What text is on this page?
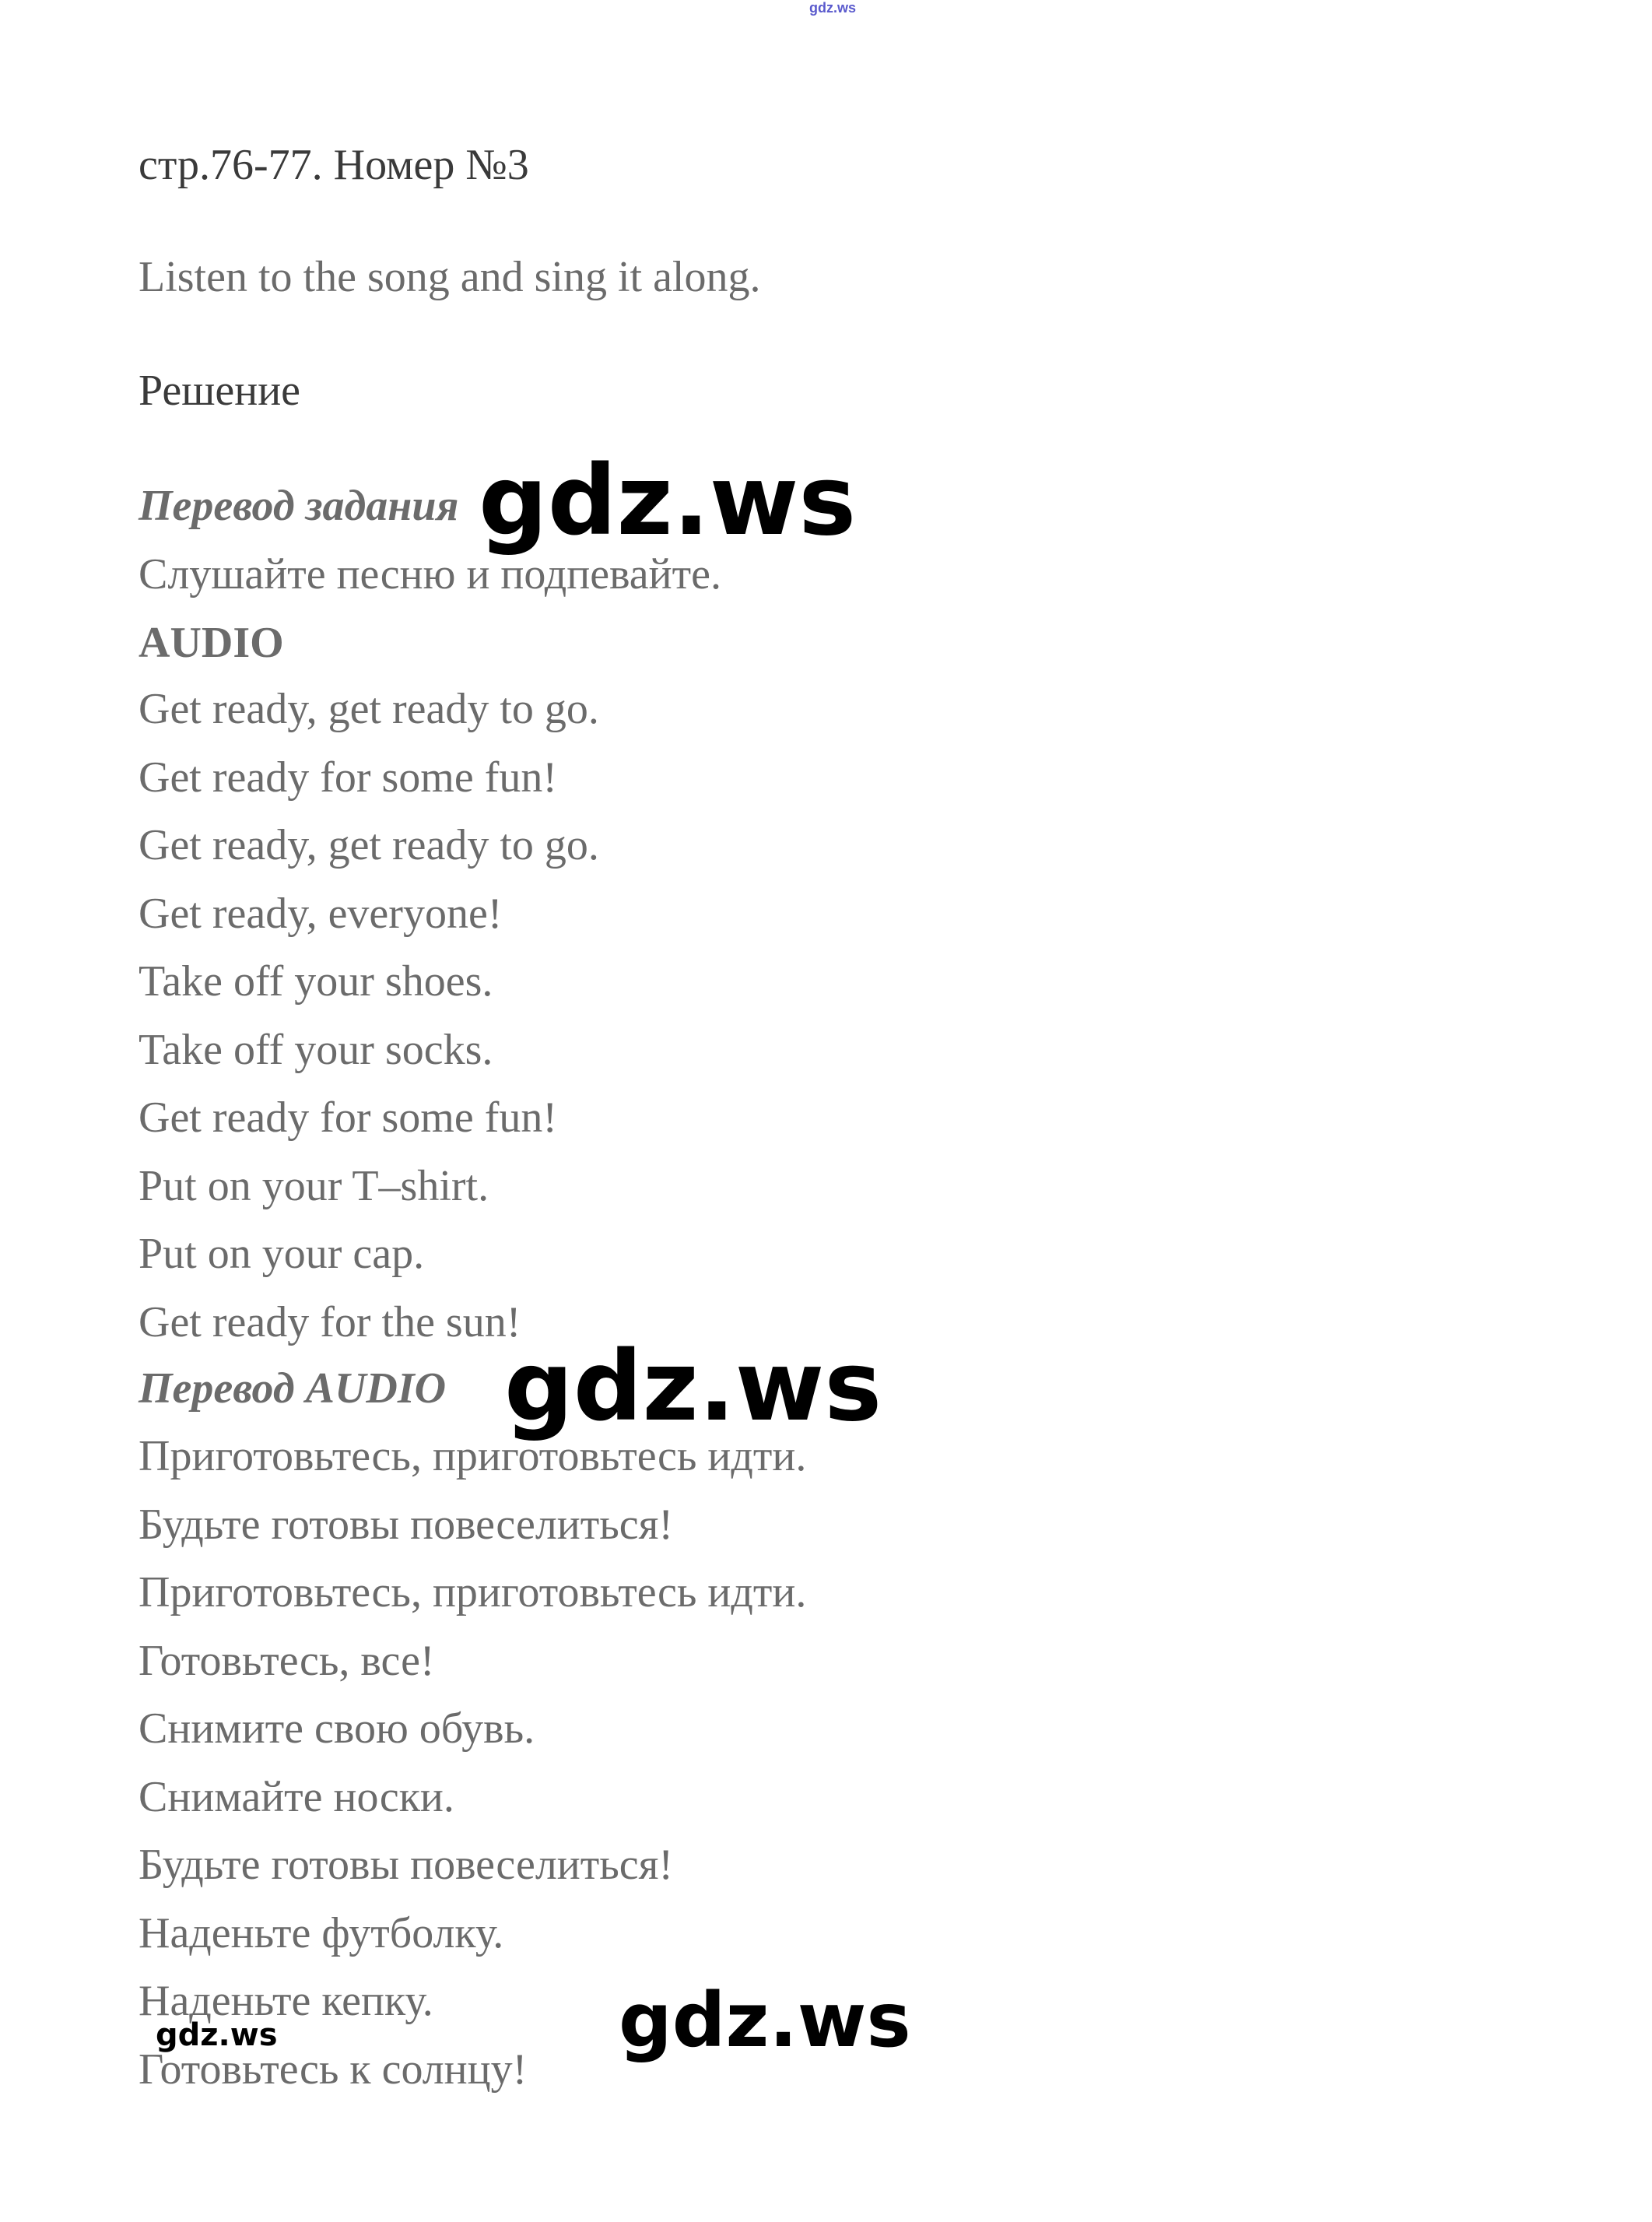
gdz.ws
стр.76-77. Номер №3
Listen to the song and sing it along.
Решение
Перевод задания
Слушайте песню и подпевайте.
AUDIO
Get ready, get ready to go.
Get ready for some fun!
Get ready, get ready to go.
Get ready, everyone!
Take off your shoes.
Take off your socks.
Get ready for some fun!
Put on your T–shirt.
Put on your cap.
Get ready for the sun!
Перевод AUDIO
Приготовьтесь, приготовьтесь идти.
Будьте готовы повеселиться!
Приготовьтесь, приготовьтесь идти.
Готовьтесь, все!
Снимите свою обувь.
Снимайте носки.
Будьте готовы повеселиться!
Наденьте футболку.
Наденьте кепку.
Готовьтесь к солнцу!
gdz.ws
gdz.ws
gdz.ws
gdz.ws
